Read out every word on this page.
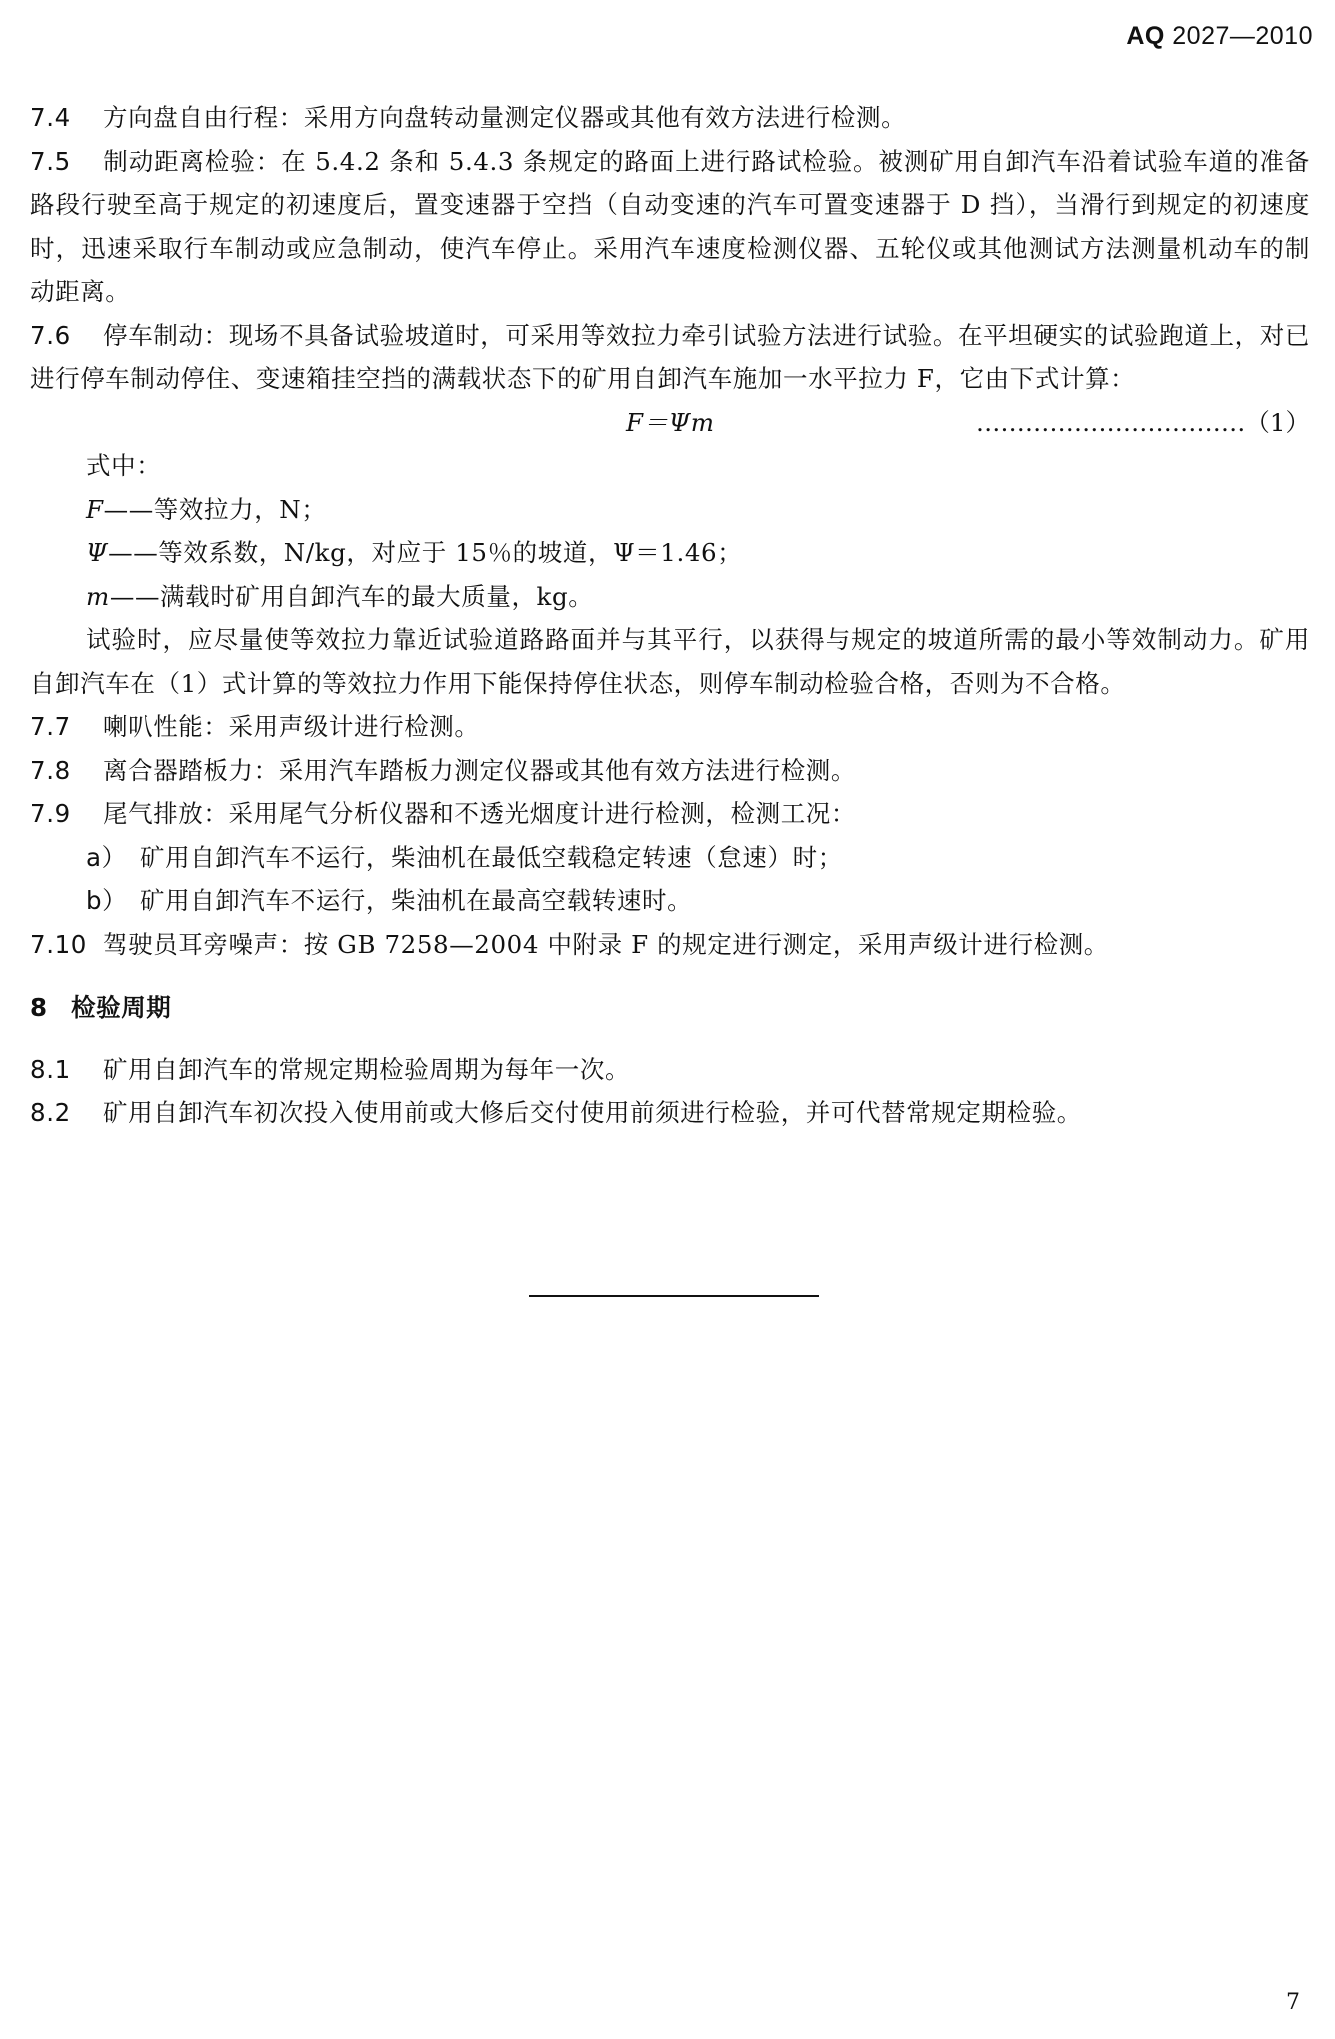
AQ 2027—2010

7.4 方向盘自由行程：采用方向盘转动量测定仪器或其他有效方法进行检测。

7.5 制动距离检验：在 5.4.2 条和 5.4.3 条规定的路面上进行路试检验。被测矿用自卸汽车沿着试验车道的准备路段行驶至高于规定的初速度后，置变速器于空挡（自动变速的汽车可置变速器于 D 挡），当滑行到规定的初速度时，迅速采取行车制动或应急制动，使汽车停止。采用汽车速度检测仪器、五轮仪或其他测试方法测量机动车的制动距离。

7.6 停车制动：现场不具备试验坡道时，可采用等效拉力牵引试验方法进行试验。在平坦硬实的试验跑道上，对已进行停车制动停住、变速箱挂空挡的满载状态下的矿用自卸汽车施加一水平拉力 F，它由下式计算：

F＝Ψm	……………………………（1）

式中：

F——等效拉力，N；

Ψ——等效系数，N/kg，对应于 15％的坡道，Ψ＝1.46；

m——满载时矿用自卸汽车的最大质量，kg。

试验时，应尽量使等效拉力靠近试验道路路面并与其平行，以获得与规定的坡道所需的最小等效制动力。矿用自卸汽车在（1）式计算的等效拉力作用下能保持停住状态，则停车制动检验合格，否则为不合格。

7.7 喇叭性能：采用声级计进行检测。

7.8 离合器踏板力：采用汽车踏板力测定仪器或其他有效方法进行检测。

7.9 尾气排放：采用尾气分析仪器和不透光烟度计进行检测，检测工况：

a） 矿用自卸汽车不运行，柴油机在最低空载稳定转速（怠速）时；

b） 矿用自卸汽车不运行，柴油机在最高空载转速时。

7.10 驾驶员耳旁噪声：按 GB 7258—2004 中附录 F 的规定进行测定，采用声级计进行检测。

8 检验周期

8.1 矿用自卸汽车的常规定期检验周期为每年一次。

8.2 矿用自卸汽车初次投入使用前或大修后交付使用前须进行检验，并可代替常规定期检验。

7
